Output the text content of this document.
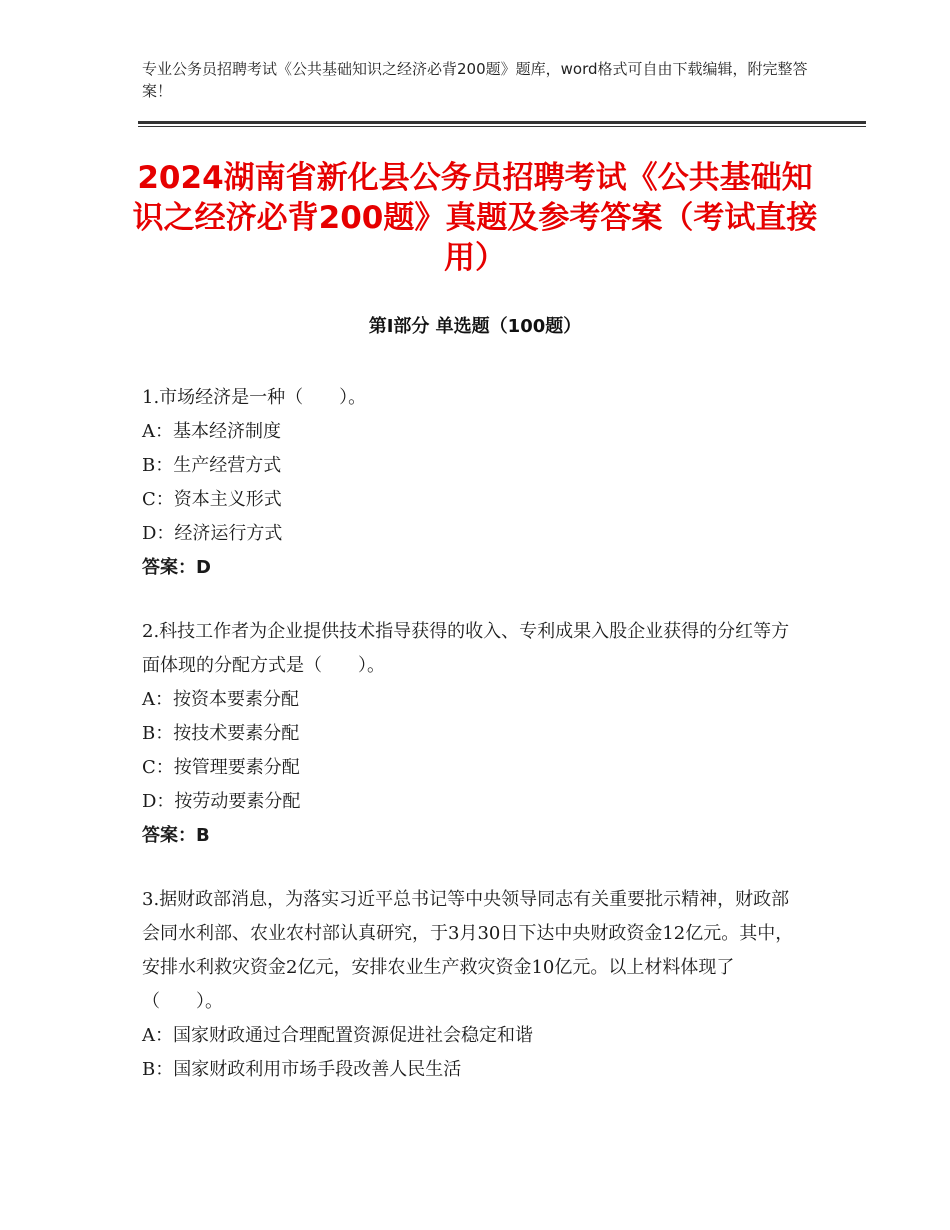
专业公务员招聘考试《公共基础知识之经济必背200题》题库，word格式可自由下载编辑，附完整答案！
2024湖南省新化县公务员招聘考试《公共基础知识之经济必背200题》真题及参考答案（考试直接用）
第Ⅰ部分 单选题（100题）

1.市场经济是一种（　　）。

A：基本经济制度

B：生产经营方式

C：资本主义形式

D：经济运行方式

答案：D

2.科技工作者为企业提供技术指导获得的收入、专利成果入股企业获得的分红等方面体现的分配方式是（　　）。

A：按资本要素分配

B：按技术要素分配

C：按管理要素分配

D：按劳动要素分配

答案：B

3.据财政部消息，为落实习近平总书记等中央领导同志有关重要批示精神，财政部会同水利部、农业农村部认真研究，于3月30日下达中央财政资金12亿元。其中，安排水利救灾资金2亿元，安排农业生产救灾资金10亿元。以上材料体现了（　　）。

A：国家财政通过合理配置资源促进社会稳定和谐

B：国家财政利用市场手段改善人民生活
